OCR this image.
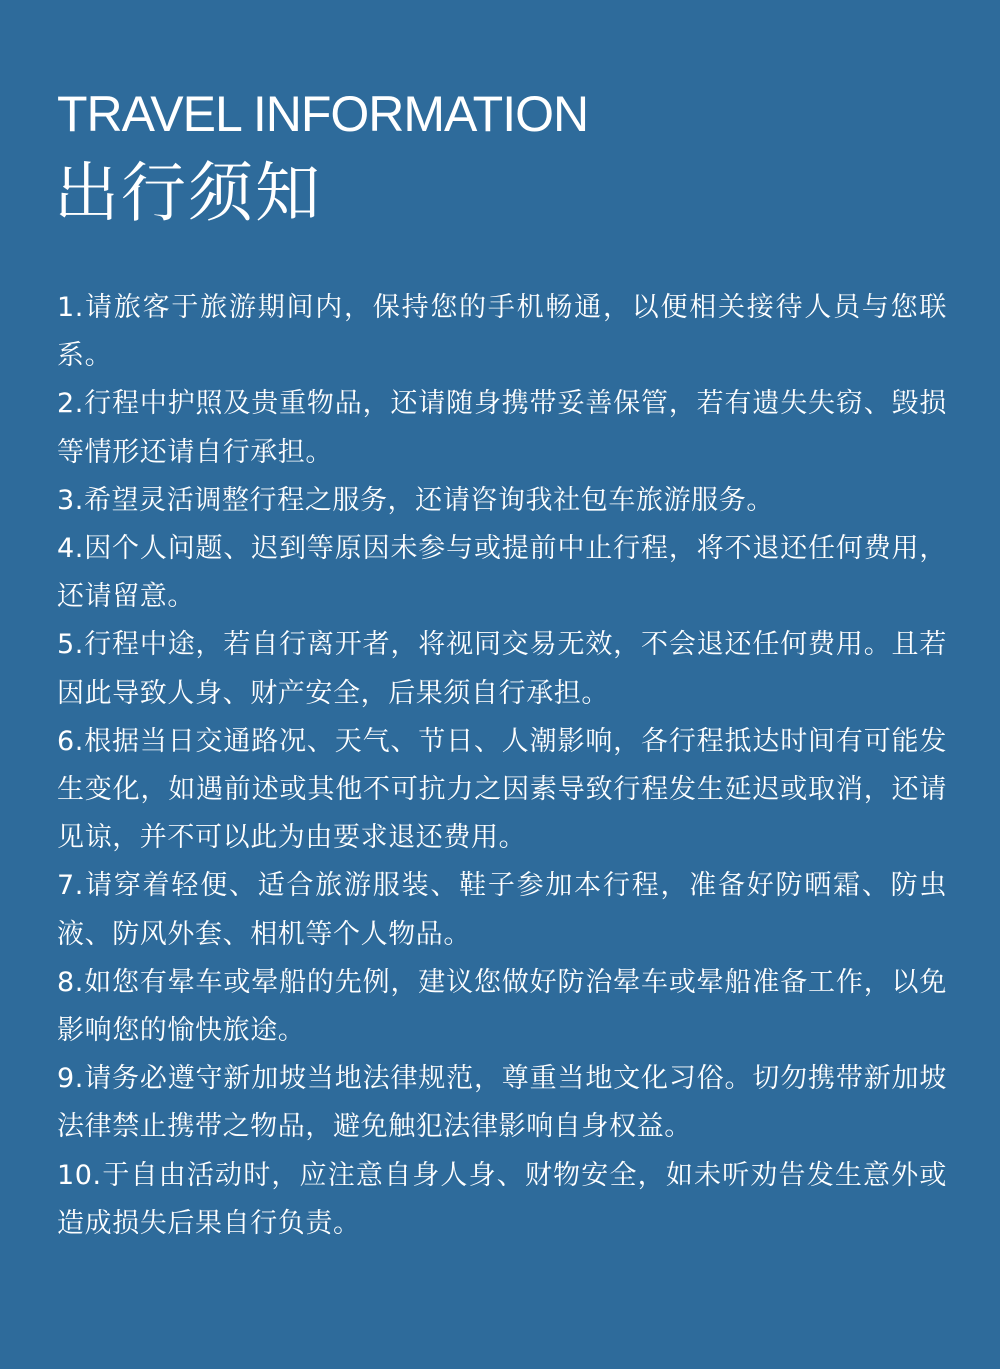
TRAVEL INFORMATION
出行须知
1.请旅客于旅游期间内，保持您的手机畅通，以便相关接待人员与您联系。
2.行程中护照及贵重物品，还请随身携带妥善保管，若有遗失失窃、毁损等情形还请自行承担。
3.希望灵活调整行程之服务，还请咨询我社包车旅游服务。
4.因个人问题、迟到等原因未参与或提前中止行程，将不退还任何费用，还请留意。
5.行程中途，若自行离开者，将视同交易无效，不会退还任何费用。且若因此导致人身、财产安全，后果须自行承担。
6.根据当日交通路况、天气、节日、人潮影响，各行程抵达时间有可能发生变化，如遇前述或其他不可抗力之因素导致行程发生延迟或取消，还请见谅，并不可以此为由要求退还费用。
7.请穿着轻便、适合旅游服装、鞋子参加本行程，准备好防晒霜、防虫液、防风外套、相机等个人物品。
8.如您有晕车或晕船的先例，建议您做好防治晕车或晕船准备工作，以免影响您的愉快旅途。
9.请务必遵守新加坡当地法律规范，尊重当地文化习俗。切勿携带新加坡法律禁止携带之物品，避免触犯法律影响自身权益。
10.于自由活动时，应注意自身人身、财物安全，如未听劝告发生意外或造成损失后果自行负责。
